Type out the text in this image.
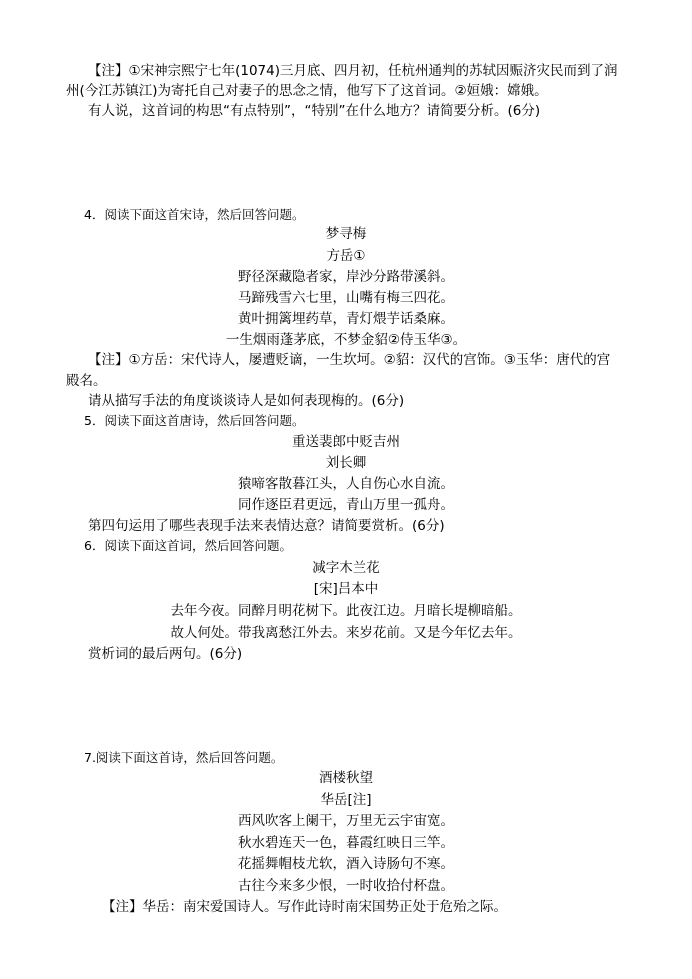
【注】①宋神宗熙宁七年(1074)三月底、四月初，任杭州通判的苏轼因赈济灾民而到了润
州(今江苏镇江)为寄托自己对妻子的思念之情，他写下了这首词。②姮娥：嫦娥。
有人说，这首词的构思“有点特别”，“特别”在什么地方？请简要分析。(6分)
4．阅读下面这首宋诗，然后回答问题。
梦寻梅
方岳①
野径深藏隐者家，岸沙分路带溪斜。
马蹄残雪六七里，山嘴有梅三四花。
黄叶拥篱埋药草，青灯煨芋话桑麻。
一生烟雨蓬茅底，不梦金貂②侍玉华③。
【注】①方岳：宋代诗人，屡遭贬谪，一生坎坷。②貂：汉代的宫饰。③玉华：唐代的宫
殿名。
请从描写手法的角度谈谈诗人是如何表现梅的。(6分)
5．阅读下面这首唐诗，然后回答问题。
重送裴郎中贬吉州
刘长卿
猿啼客散暮江头，人自伤心水自流。
同作逐臣君更远，青山万里一孤舟。
第四句运用了哪些表现手法来表情达意？请简要赏析。(6分)
6．阅读下面这首词，然后回答问题。
减字木兰花
[宋]吕本中
去年今夜。同醉月明花树下。此夜江边。月暗长堤柳暗船。
故人何处。带我离愁江外去。来岁花前。又是今年忆去年。
赏析词的最后两句。(6分)
7.阅读下面这首诗，然后回答问题。
酒楼秋望
华岳[注]
西风吹客上阑干，万里无云宇宙宽。
秋水碧连天一色，暮霞红映日三竿。
花摇舞帽枝尤软，酒入诗肠句不寒。
古往今来多少恨，一时收拾付杯盘。
【注】华岳：南宋爱国诗人。写作此诗时南宋国势正处于危殆之际。
